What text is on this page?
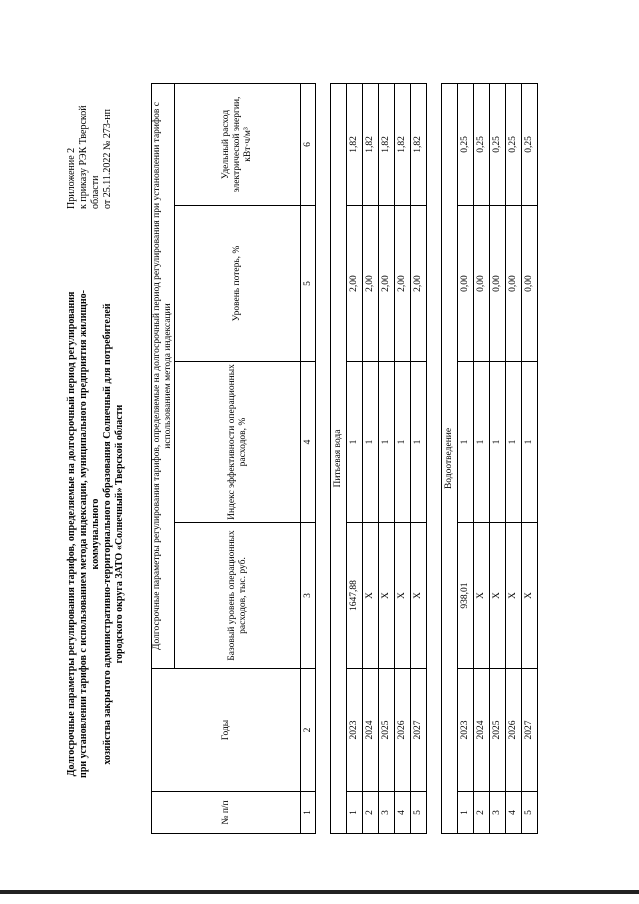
Приложение 2 к приказу РЭК Тверской области от 25.11.2022 № 273-нп
Долгосрочные параметры регулирования тарифов, определяемые на долгосрочный период регулирования при установлении тарифов с использованием метода индексации, муниципального предприятия жилищно-коммунального хозяйства закрытого административно-территориального образования Солнечный для потребителей городского округа ЗАТО «Солнечный» Тверской области
№ п/п	Годы	Долгосрочные параметры регулирования тарифов, определяемые на долгосрочный период регулирования при установлении тарифов с использованием метода индексации			
		Базовый уровень операционных расходов, тыс. руб.	Индекс эффективности операционных расходов, %	Уровень потерь, %	Удельный расход электрической энергии, кВт·ч/м³
1	2	3	4	5	6

Питьевая вода					
1	2023	1647,88	1	2,00	1,82
2	2024	Х	1	2,00	1,82
3	2025	Х	1	2,00	1,82
4	2026	Х	1	2,00	1,82
5	2027	Х	1	2,00	1,82

Водоотведение					
1	2023	938,01	1	0,00	0,25
2	2024	Х	1	0,00	0,25
3	2025	Х	1	0,00	0,25
4	2026	Х	1	0,00	0,25
5	2027	Х	1	0,00	0,25
